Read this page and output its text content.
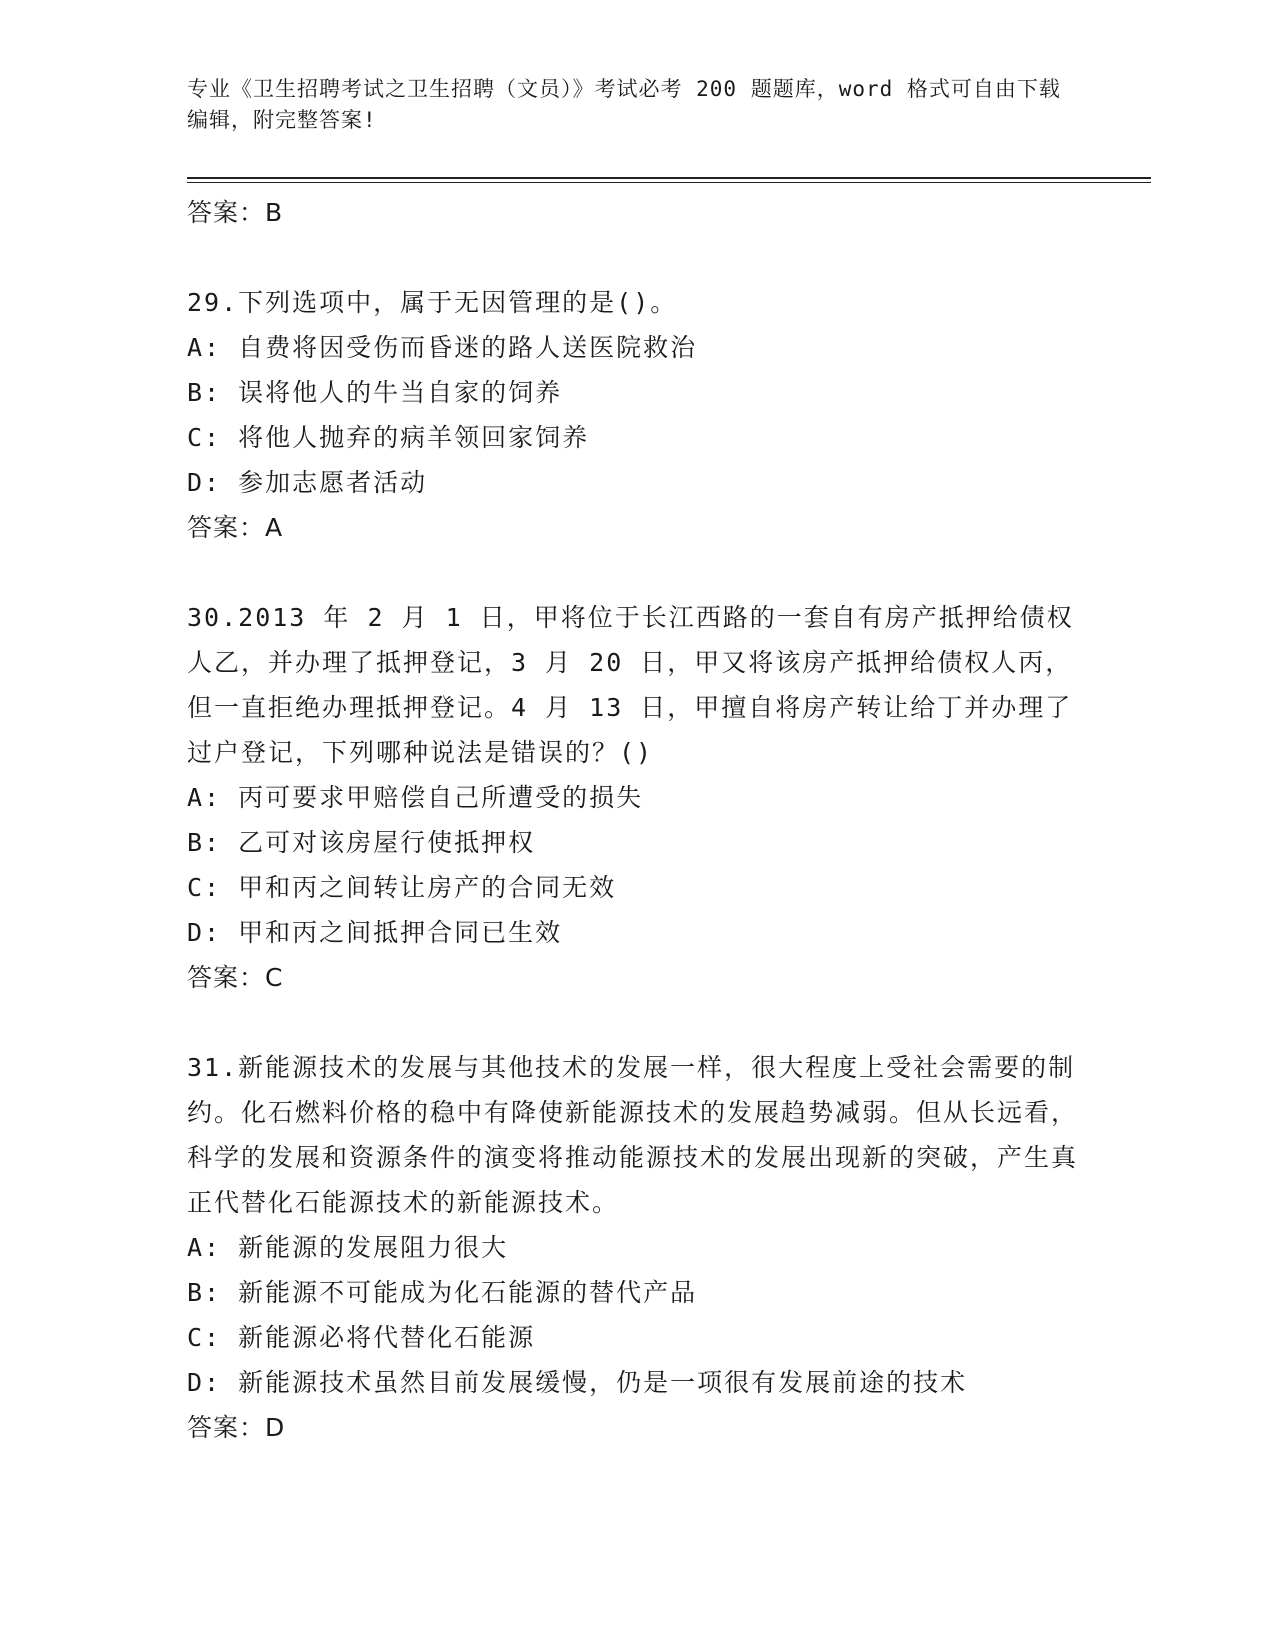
专业《卫生招聘考试之卫生招聘（文员）》考试必考 200 题题库，word 格式可自由下载编辑，附完整答案!
答案：B
29.下列选项中，属于无因管理的是()。
A: 自费将因受伤而昏迷的路人送医院救治
B: 误将他人的牛当自家的饲养
C: 将他人抛弃的病羊领回家饲养
D: 参加志愿者活动
答案：A
30.2013 年 2 月 1 日，甲将位于长江西路的一套自有房产抵押给债权人乙，并办理了抵押登记，3 月 20 日，甲又将该房产抵押给债权人丙，但一直拒绝办理抵押登记。4 月 13 日，甲擅自将房产转让给丁并办理了过户登记，下列哪种说法是错误的？()
A: 丙可要求甲赔偿自己所遭受的损失
B: 乙可对该房屋行使抵押权
C: 甲和丙之间转让房产的合同无效
D: 甲和丙之间抵押合同已生效
答案：C
31.新能源技术的发展与其他技术的发展一样，很大程度上受社会需要的制约。化石燃料价格的稳中有降使新能源技术的发展趋势减弱。但从长远看，科学的发展和资源条件的演变将推动能源技术的发展出现新的突破，产生真正代替化石能源技术的新能源技术。
A: 新能源的发展阻力很大
B: 新能源不可能成为化石能源的替代产品
C: 新能源必将代替化石能源
D: 新能源技术虽然目前发展缓慢，仍是一项很有发展前途的技术
答案：D
